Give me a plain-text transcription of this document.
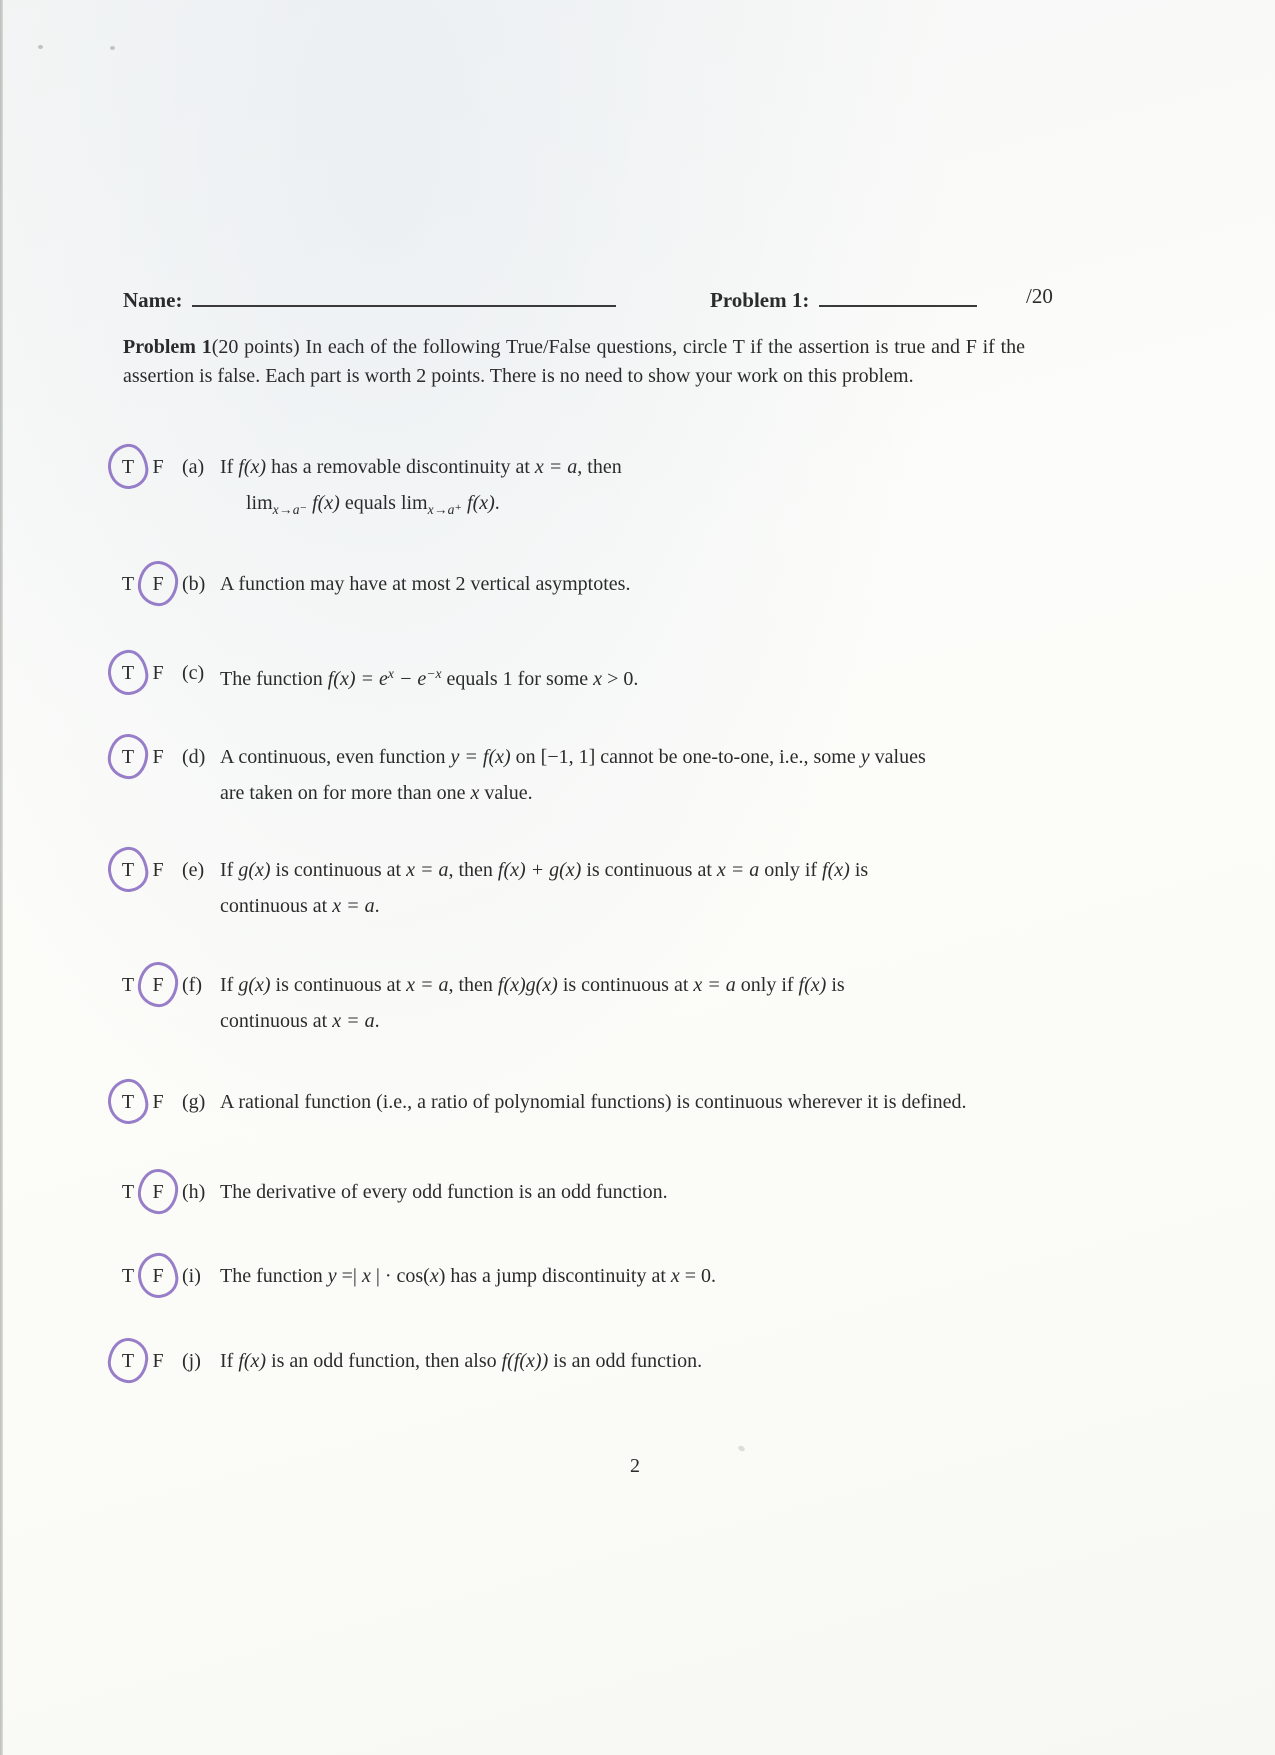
Name:	Problem 1:	/20

Problem 1(20 points) In each of the following True/False questions, circle T if the assertion is true and F if the assertion is false. Each part is worth 2 points. There is no need to show your work on this problem.

T F (a) If f(x) has a removable discontinuity at x = a, then
$\lim_{x\to a^-} f(x)$ equals $\lim_{x\to a^+} f(x)$.
T F (b) A function may have at most 2 vertical asymptotes.
T F (c) The function $f(x) = e^x - e^{-x}$ equals 1 for some x > 0.
T F (d) A continuous, even function y = f(x) on [−1, 1] cannot be one-to-one, i.e., some y values
are taken on for more than one x value.
T F (e) If g(x) is continuous at x = a, then f(x) + g(x) is continuous at x = a only if f(x) is
continuous at x = a.
T F (f) If g(x) is continuous at x = a, then f(x)g(x) is continuous at x = a only if f(x) is
continuous at x = a.
T F (g) A rational function (i.e., a ratio of polynomial functions) is continuous wherever it is defined.
T F (h) The derivative of every odd function is an odd function.
T F (i) The function y =| x | · cos(x) has a jump discontinuity at x = 0.
T F (j) If f(x) is an odd function, then also f(f(x)) is an odd function.
2
